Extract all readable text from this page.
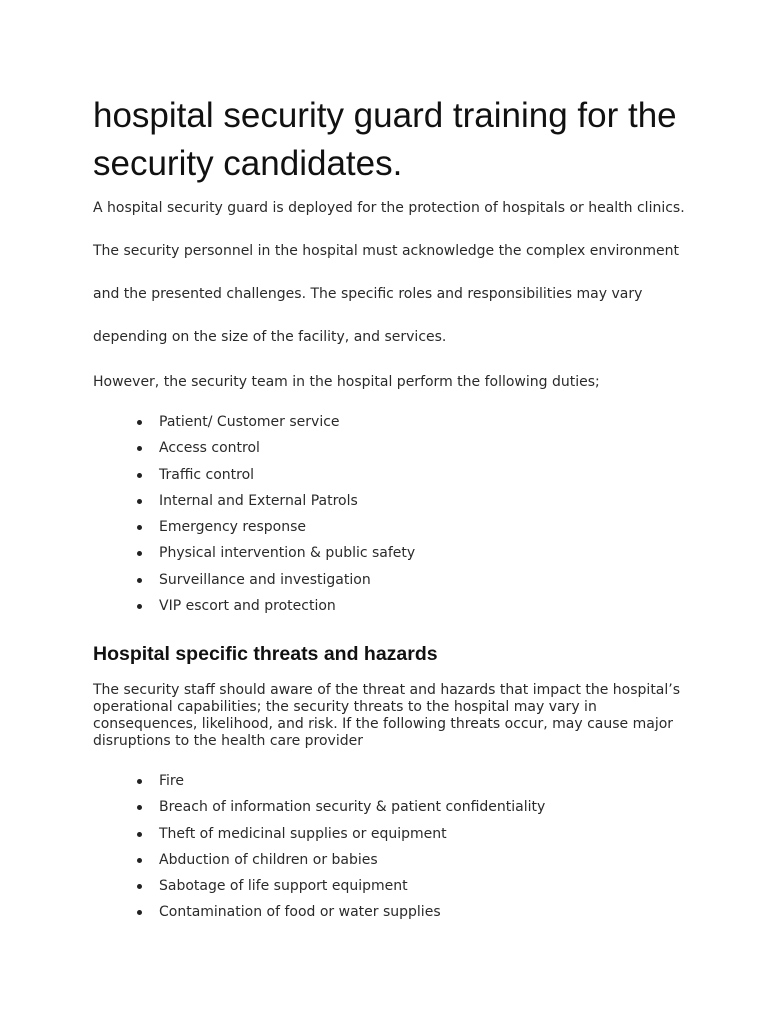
hospital security guard training for the security candidates.

A hospital security guard is deployed for the protection of hospitals or health clinics. The security personnel in the hospital must acknowledge the complex environment and the presented challenges. The specific roles and responsibilities may vary depending on the size of the facility, and services.

However, the security team in the hospital perform the following duties;

Patient/ Customer service
Access control
Traffic control
Internal and External Patrols
Emergency response
Physical intervention & public safety
Surveillance and investigation
VIP escort and protection
Hospital specific threats and hazards

The security staff should aware of the threat and hazards that impact the hospital’s operational capabilities; the security threats to the hospital may vary in consequences, likelihood, and risk. If the following threats occur, may cause major disruptions to the health care provider

Fire
Breach of information security & patient confidentiality
Theft of medicinal supplies or equipment
Abduction of children or babies
Sabotage of life support equipment
Contamination of food or water supplies
